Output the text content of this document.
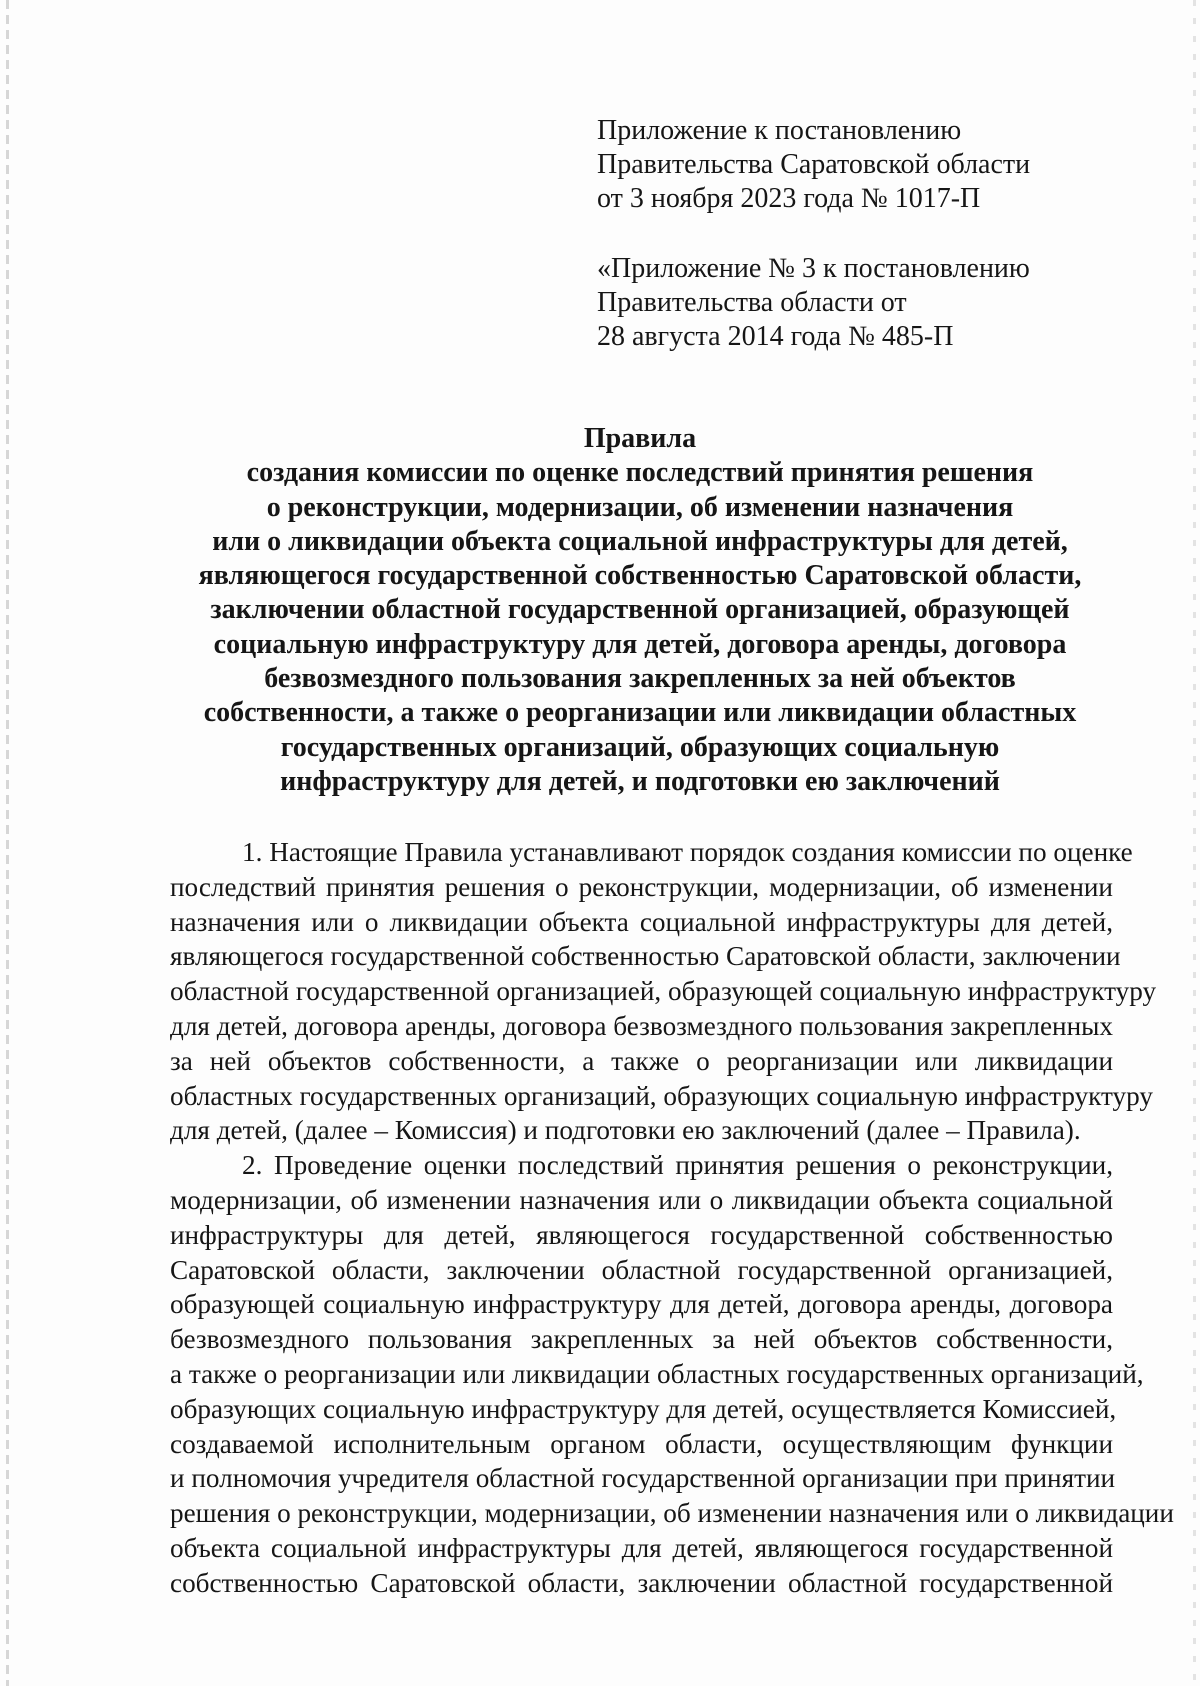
Приложение к постановлению
Правительства Саратовской области
от 3 ноября 2023 года № 1017-П
«Приложение № 3 к постановлению
Правительства области от
28 августа 2014 года № 485-П
Правила
создания комиссии по оценке последствий принятия решения
о реконструкции, модернизации, об изменении назначения
или о ликвидации объекта социальной инфраструктуры для детей,
являющегося государственной собственностью Саратовской области,
заключении областной государственной организацией, образующей
социальную инфраструктуру для детей, договора аренды, договора
безвозмездного пользования закрепленных за ней объектов
собственности, а также о реорганизации или ликвидации областных
государственных организаций, образующих социальную
инфраструктуру для детей, и подготовки ею заключений
1. Настоящие Правила устанавливают порядок создания комиссии по оценке
последствий принятия решения о реконструкции, модернизации, об изменении
назначения или о ликвидации объекта социальной инфраструктуры для детей,
являющегося государственной собственностью Саратовской области, заключении
областной государственной организацией, образующей социальную инфраструктуру
для детей, договора аренды, договора безвозмездного пользования закрепленных
за ней объектов собственности, а также о реорганизации или ликвидации
областных государственных организаций, образующих социальную инфраструктуру
для детей, (далее – Комиссия) и подготовки ею заключений (далее – Правила).
2. Проведение оценки последствий принятия решения о реконструкции,
модернизации, об изменении назначения или о ликвидации объекта социальной
инфраструктуры для детей, являющегося государственной собственностью
Саратовской области, заключении областной государственной организацией,
образующей социальную инфраструктуру для детей, договора аренды, договора
безвозмездного пользования закрепленных за ней объектов собственности,
а также о реорганизации или ликвидации областных государственных организаций,
образующих социальную инфраструктуру для детей, осуществляется Комиссией,
создаваемой исполнительным органом области, осуществляющим функции
и полномочия учредителя областной государственной организации при принятии
решения о реконструкции, модернизации, об изменении назначения или о ликвидации
объекта социальной инфраструктуры для детей, являющегося государственной
собственностью Саратовской области, заключении областной государственной
